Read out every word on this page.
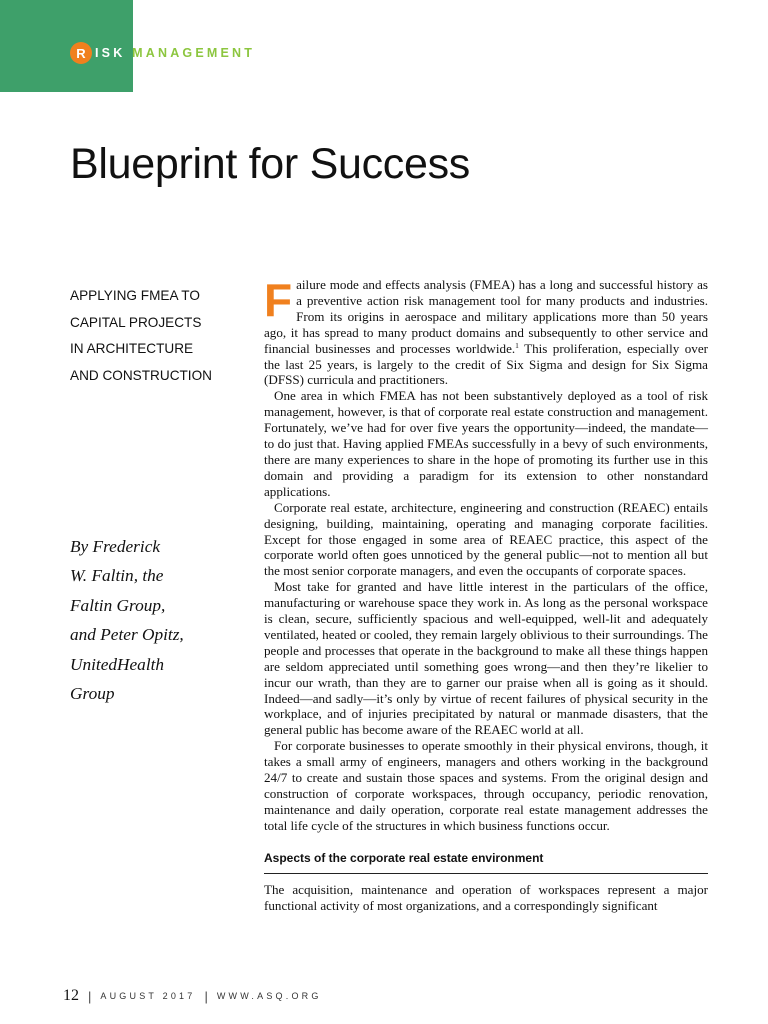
R ISK MANAGEMENT
Blueprint for Success
APPLYING FMEA TO
CAPITAL PROJECTS
IN ARCHITECTURE
AND CONSTRUCTION
By Frederick
W. Faltin, the
Faltin Group,
and Peter Opitz,
UnitedHealth
Group

Failure mode and effects analysis (FMEA) has a long and successful history as a preventive action risk management tool for many products and industries. From its origins in aerospace and military applications more than 50 years ago, it has spread to many product domains and subsequently to other service and financial businesses and processes worldwide.$^1$ This proliferation, especially over the last 25 years, is largely to the credit of Six Sigma and design for Six Sigma (DFSS) curricula and practitioners.

One area in which FMEA has not been substantively deployed as a tool of risk management, however, is that of corporate real estate construction and management. Fortunately, we’ve had for over five years the opportunity—indeed, the mandate—to do just that. Having applied FMEAs successfully in a bevy of such environments, there are many experiences to share in the hope of promoting its further use in this domain and providing a paradigm for its extension to other nonstandard applications.

Corporate real estate, architecture, engineering and construction (REAEC) entails designing, building, maintaining, operating and managing corporate facilities. Except for those engaged in some area of REAEC practice, this aspect of the corporate world often goes unnoticed by the general public—not to mention all but the most senior corporate managers, and even the occupants of corporate spaces.

Most take for granted and have little interest in the particulars of the office, manufacturing or warehouse space they work in. As long as the personal workspace is clean, secure, sufficiently spacious and well-equipped, well-lit and adequately ventilated, heated or cooled, they remain largely oblivious to their surroundings. The people and processes that operate in the background to make all these things happen are seldom appreciated until something goes wrong—and then they’re likelier to incur our wrath, than they are to garner our praise when all is going as it should. Indeed—and sadly—it’s only by virtue of recent failures of physical security in the workplace, and of injuries precipitated by natural or manmade disasters, that the general public has become aware of the REAEC world at all.

For corporate businesses to operate smoothly in their physical environs, though, it takes a small army of engineers, managers and others working in the background 24/7 to create and sustain those spaces and systems. From the original design and construction of corporate workspaces, through occupancy, periodic renovation, maintenance and daily operation, corporate real estate management addresses the total life cycle of the structures in which business functions occur.

Aspects of the corporate real estate environment

The acquisition, maintenance and operation of workspaces represent a major functional activity of most organizations, and a correspondingly significant

12 | AUGUST 2017 | WWW.ASQ.ORG
